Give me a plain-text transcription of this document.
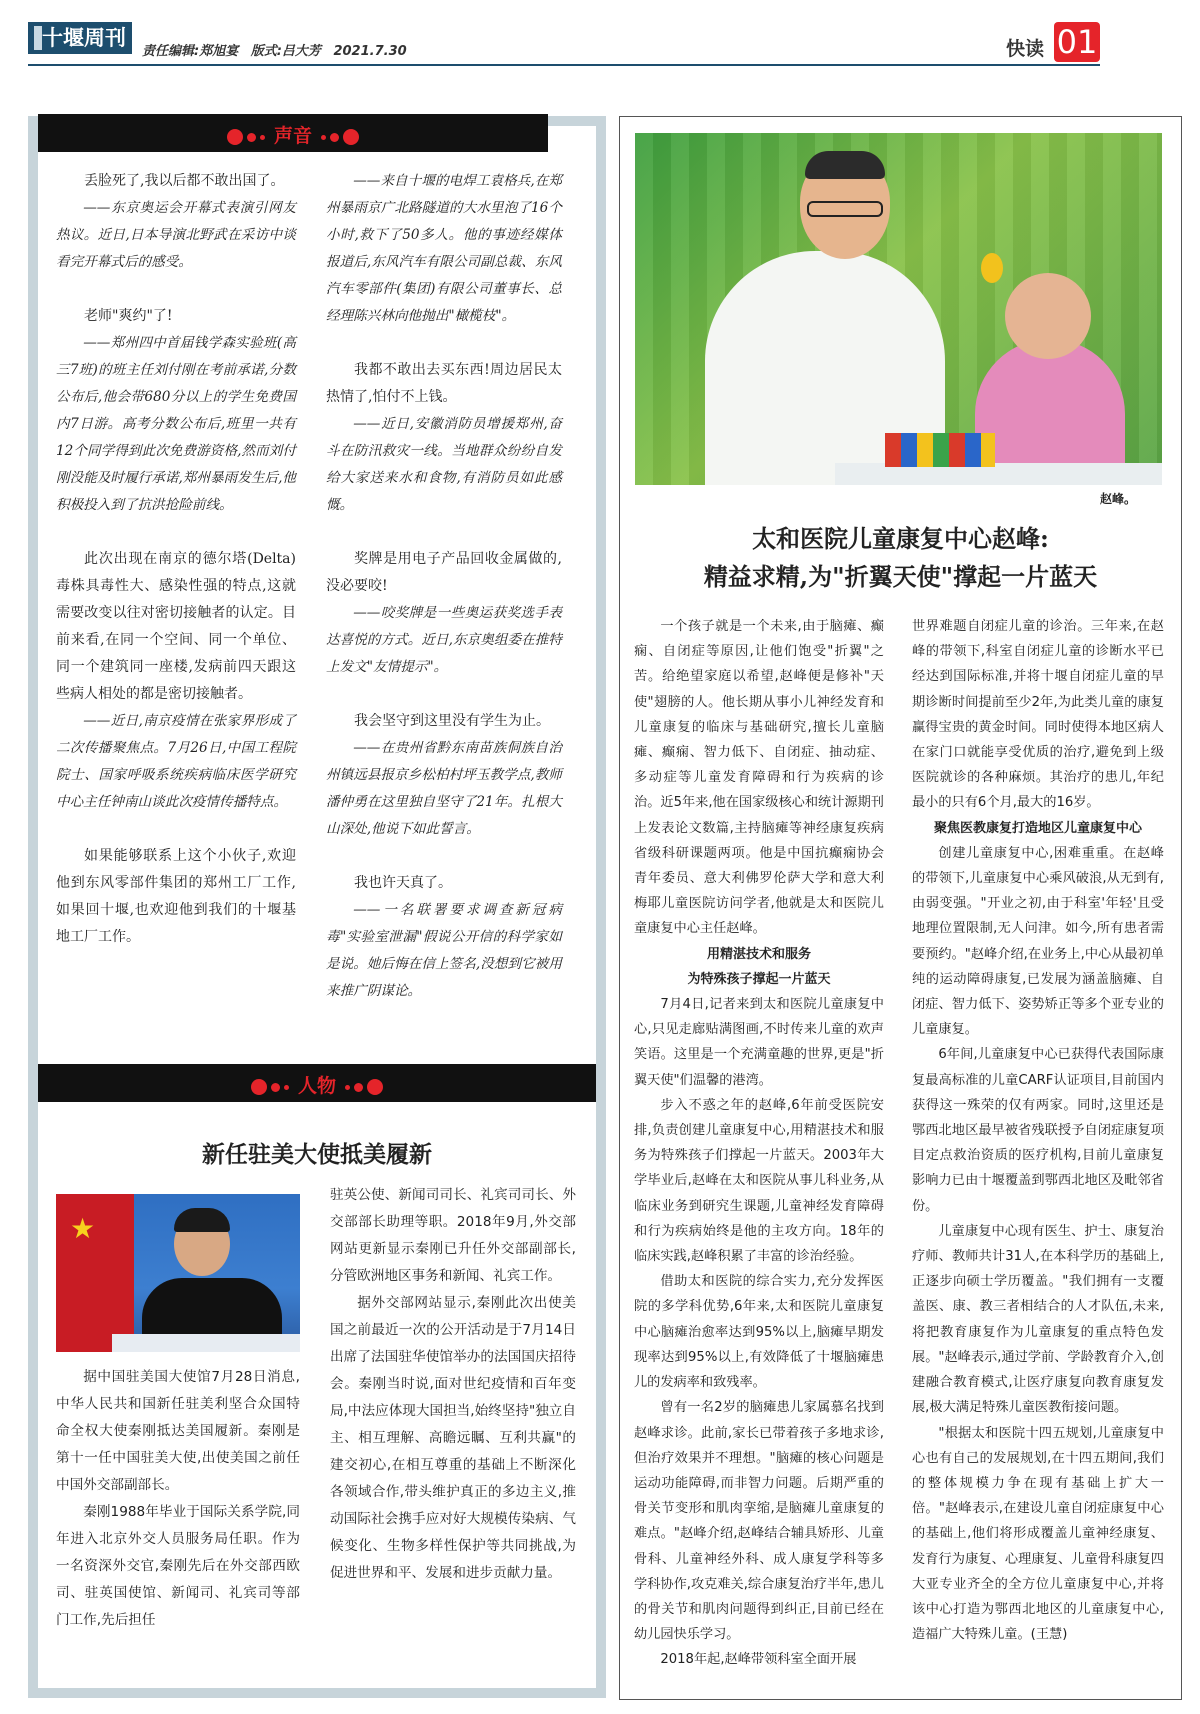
十堰周刊
责任编辑:郑旭宴 版式:吕大芳 2021.7.30	快读 01
声音

丢脸死了,我以后都不敢出国了。

——东京奥运会开幕式表演引网友热议。近日,日本导演北野武在采访中谈看完开幕式后的感受。

老师"爽约"了!

——郑州四中首届钱学森实验班(高三7班)的班主任刘付刚在考前承诺,分数公布后,他会带680分以上的学生免费国内7日游。高考分数公布后,班里一共有12个同学得到此次免费游资格,然而刘付刚没能及时履行承诺,郑州暴雨发生后,他积极投入到了抗洪抢险前线。

此次出现在南京的德尔塔(Delta)毒株具毒性大、感染性强的特点,这就需要改变以往对密切接触者的认定。目前来看,在同一个空间、同一个单位、同一个建筑同一座楼,发病前四天跟这些病人相处的都是密切接触者。

——近日,南京疫情在张家界形成了二次传播聚焦点。7月26日,中国工程院院士、国家呼吸系统疾病临床医学研究中心主任钟南山谈此次疫情传播特点。

如果能够联系上这个小伙子,欢迎他到东风零部件集团的郑州工厂工作,如果回十堰,也欢迎他到我们的十堰基地工厂工作。

——来自十堰的电焊工袁格兵,在郑州暴雨京广北路隧道的大水里泡了16个小时,救下了50多人。他的事迹经媒体报道后,东风汽车有限公司副总裁、东风汽车零部件(集团)有限公司董事长、总经理陈兴林向他抛出"橄榄枝"。

我都不敢出去买东西!周边居民太热情了,怕付不上钱。

——近日,安徽消防员增援郑州,奋斗在防汛救灾一线。当地群众纷纷自发给大家送来水和食物,有消防员如此感慨。

奖牌是用电子产品回收金属做的,没必要咬!

——咬奖牌是一些奥运获奖选手表达喜悦的方式。近日,东京奥组委在推特上发文"友情提示"。

我会坚守到这里没有学生为止。

——在贵州省黔东南苗族侗族自治州镇远县报京乡松柏村坪玉教学点,教师潘仲勇在这里独自坚守了21年。扎根大山深处,他说下如此誓言。

我也许天真了。

——一名联署要求调查新冠病毒"实验室泄漏"假说公开信的科学家如是说。她后悔在信上签名,没想到它被用来推广阴谋论。

人物
新任驻美大使抵美履新
★

据中国驻美国大使馆7月28日消息,中华人民共和国新任驻美利坚合众国特命全权大使秦刚抵达美国履新。秦刚是第十一任中国驻美大使,出使美国之前任中国外交部副部长。

秦刚1988年毕业于国际关系学院,同年进入北京外交人员服务局任职。作为一名资深外交官,秦刚先后在外交部西欧司、驻英国使馆、新闻司、礼宾司等部门工作,先后担任

驻英公使、新闻司司长、礼宾司司长、外交部部长助理等职。2018年9月,外交部网站更新显示秦刚已升任外交部副部长,分管欧洲地区事务和新闻、礼宾工作。

据外交部网站显示,秦刚此次出使美国之前最近一次的公开活动是于7月14日出席了法国驻华使馆举办的法国国庆招待会。秦刚当时说,面对世纪疫情和百年变局,中法应体现大国担当,始终坚持"独立自主、相互理解、高瞻远瞩、互利共赢"的建交初心,在相互尊重的基础上不断深化各领域合作,带头维护真正的多边主义,推动国际社会携手应对好大规模传染病、气候变化、生物多样性保护等共同挑战,为促进世界和平、发展和进步贡献力量。

赵峰。
太和医院儿童康复中心赵峰:
精益求精,为"折翼天使"撑起一片蓝天

一个孩子就是一个未来,由于脑瘫、癫痫、自闭症等原因,让他们饱受"折翼"之苦。给绝望家庭以希望,赵峰便是修补"天使"翅膀的人。他长期从事小儿神经发育和儿童康复的临床与基础研究,擅长儿童脑瘫、癫痫、智力低下、自闭症、抽动症、多动症等儿童发育障碍和行为疾病的诊治。近5年来,他在国家级核心和统计源期刊上发表论文数篇,主持脑瘫等神经康复疾病省级科研课题两项。他是中国抗癫痫协会青年委员、意大利佛罗伦萨大学和意大利梅耶儿童医院访问学者,他就是太和医院儿童康复中心主任赵峰。

用精湛技术和服务

为特殊孩子撑起一片蓝天

7月4日,记者来到太和医院儿童康复中心,只见走廊贴满图画,不时传来儿童的欢声笑语。这里是一个充满童趣的世界,更是"折翼天使"们温馨的港湾。

步入不惑之年的赵峰,6年前受医院安排,负责创建儿童康复中心,用精湛技术和服务为特殊孩子们撑起一片蓝天。2003年大学毕业后,赵峰在太和医院从事儿科业务,从临床业务到研究生课题,儿童神经发育障碍和行为疾病始终是他的主攻方向。18年的临床实践,赵峰积累了丰富的诊治经验。

借助太和医院的综合实力,充分发挥医院的多学科优势,6年来,太和医院儿童康复中心脑瘫治愈率达到95%以上,脑瘫早期发现率达到95%以上,有效降低了十堰脑瘫患儿的发病率和致残率。

曾有一名2岁的脑瘫患儿家属慕名找到赵峰求诊。此前,家长已带着孩子多地求诊,但治疗效果并不理想。"脑瘫的核心问题是运动功能障碍,而非智力问题。后期严重的骨关节变形和肌肉挛缩,是脑瘫儿童康复的难点。"赵峰介绍,赵峰结合辅具矫形、儿童骨科、儿童神经外科、成人康复学科等多学科协作,攻克难关,综合康复治疗半年,患儿的骨关节和肌肉问题得到纠正,目前已经在幼儿园快乐学习。

2018年起,赵峰带领科室全面开展

世界难题自闭症儿童的诊治。三年来,在赵峰的带领下,科室自闭症儿童的诊断水平已经达到国际标准,并将十堰自闭症儿童的早期诊断时间提前至少2年,为此类儿童的康复赢得宝贵的黄金时间。同时使得本地区病人在家门口就能享受优质的治疗,避免到上级医院就诊的各种麻烦。其治疗的患儿,年纪最小的只有6个月,最大的16岁。

聚焦医教康复打造地区儿童康复中心

创建儿童康复中心,困难重重。在赵峰的带领下,儿童康复中心乘风破浪,从无到有,由弱变强。"开业之初,由于科室'年轻'且受地理位置限制,无人问津。如今,所有患者需要预约。"赵峰介绍,在业务上,中心从最初单纯的运动障碍康复,已发展为涵盖脑瘫、自闭症、智力低下、姿势矫正等多个亚专业的儿童康复。

6年间,儿童康复中心已获得代表国际康复最高标准的儿童CARF认证项目,目前国内获得这一殊荣的仅有两家。同时,这里还是鄂西北地区最早被省残联授予自闭症康复项目定点救治资质的医疗机构,目前儿童康复影响力已由十堰覆盖到鄂西北地区及毗邻省份。

儿童康复中心现有医生、护士、康复治疗师、教师共计31人,在本科学历的基础上,正逐步向硕士学历覆盖。"我们拥有一支覆盖医、康、教三者相结合的人才队伍,未来,将把教育康复作为儿童康复的重点特色发展。"赵峰表示,通过学前、学龄教育介入,创建融合教育模式,让医疗康复向教育康复发展,极大满足特殊儿童医教衔接问题。

"根据太和医院十四五规划,儿童康复中心也有自己的发展规划,在十四五期间,我们的整体规模力争在现有基础上扩大一倍。"赵峰表示,在建设儿童自闭症康复中心的基础上,他们将形成覆盖儿童神经康复、发育行为康复、心理康复、儿童骨科康复四大亚专业齐全的全方位儿童康复中心,并将该中心打造为鄂西北地区的儿童康复中心,造福广大特殊儿童。(王慧)
